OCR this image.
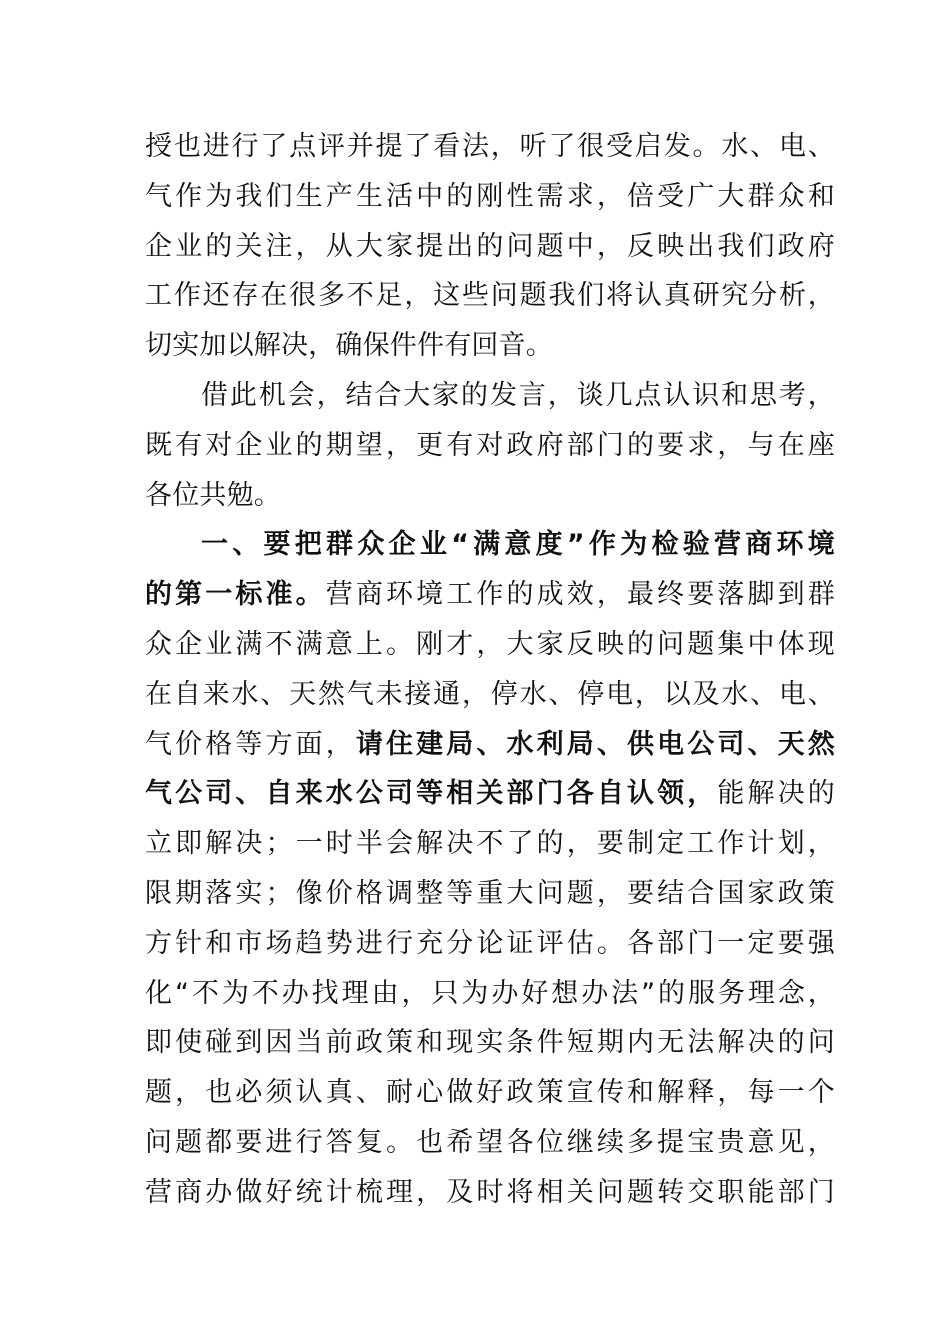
授也进行了点评并提了看法，听了很受启发。水、电、
气作为我们生产生活中的刚性需求，倍受广大群众和
企业的关注，从大家提出的问题中，反映出我们政府
工作还存在很多不足，这些问题我们将认真研究分析，
切实加以解决，确保件件有回音。
借此机会，结合大家的发言，谈几点认识和思考，
既有对企业的期望，更有对政府部门的要求，与在座
各位共勉。
一、要把群众企业“满意度”作为检验营商环境
的第一标准。营商环境工作的成效，最终要落脚到群
众企业满不满意上。刚才，大家反映的问题集中体现
在自来水、天然气未接通，停水、停电，以及水、电、
气价格等方面，请住建局、水利局、供电公司、天然
气公司、自来水公司等相关部门各自认领，能解决的
立即解决；一时半会解决不了的，要制定工作计划，
限期落实；像价格调整等重大问题，要结合国家政策
方针和市场趋势进行充分论证评估。各部门一定要强
化“不为不办找理由，只为办好想办法”的服务理念，
即使碰到因当前政策和现实条件短期内无法解决的问
题，也必须认真、耐心做好政策宣传和解释，每一个
问题都要进行答复。也希望各位继续多提宝贵意见，
营商办做好统计梳理，及时将相关问题转交职能部门
